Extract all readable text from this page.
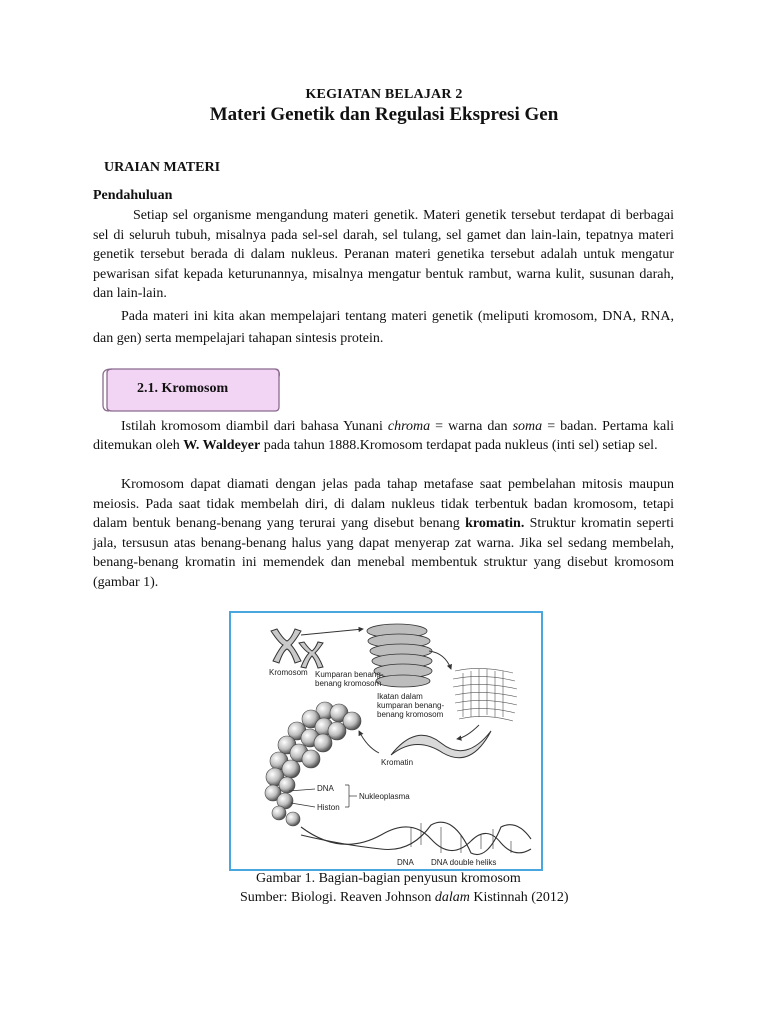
KEGIATAN BELAJAR 2
Materi Genetik dan Regulasi Ekspresi Gen
URAIAN MATERI
Pendahuluan
Setiap sel organisme mengandung materi genetik. Materi genetik tersebut terdapat di berbagai sel di seluruh tubuh, misalnya pada sel-sel darah, sel tulang, sel gamet dan lain-lain, tepatnya materi genetik tersebut berada di dalam nukleus. Peranan materi genetika tersebut adalah untuk mengatur pewarisan sifat kepada keturunannya, misalnya mengatur bentuk rambut, warna kulit, susunan darah, dan lain-lain.
Pada materi ini kita akan mempelajari tentang materi genetik (meliputi kromosom, DNA, RNA, dan gen) serta mempelajari tahapan sintesis protein.
2.1. Kromosom
Istilah kromosom diambil dari bahasa Yunani chroma = warna dan soma = badan. Pertama kali ditemukan oleh W. Waldeyer pada tahun 1888.Kromosom terdapat pada nukleus (inti sel) setiap sel.
Kromosom dapat diamati dengan jelas pada tahap metafase saat pembelahan mitosis maupun meiosis. Pada saat tidak membelah diri, di dalam nukleus tidak terbentuk badan kromosom, tetapi dalam bentuk benang-benang yang terurai yang disebut benang kromatin. Struktur kromatin seperti jala, tersusun atas benang-benang halus yang dapat menyerap zat warna. Jika sel sedang membelah, benang-benang kromatin ini memendek dan menebal membentuk struktur yang disebut kromosom (gambar 1).
Kromosom Kumparan benang-
benang kromosom
Ikatan dalam
kumparan benang-
benang kromosom
Kromatin
DNA
Histon
Nukleoplasma
DNA DNA double heliks
Gambar 1. Bagian-bagian penyusun kromosom
Sumber: Biologi. Reaven Johnson dalam Kistinnah (2012)
